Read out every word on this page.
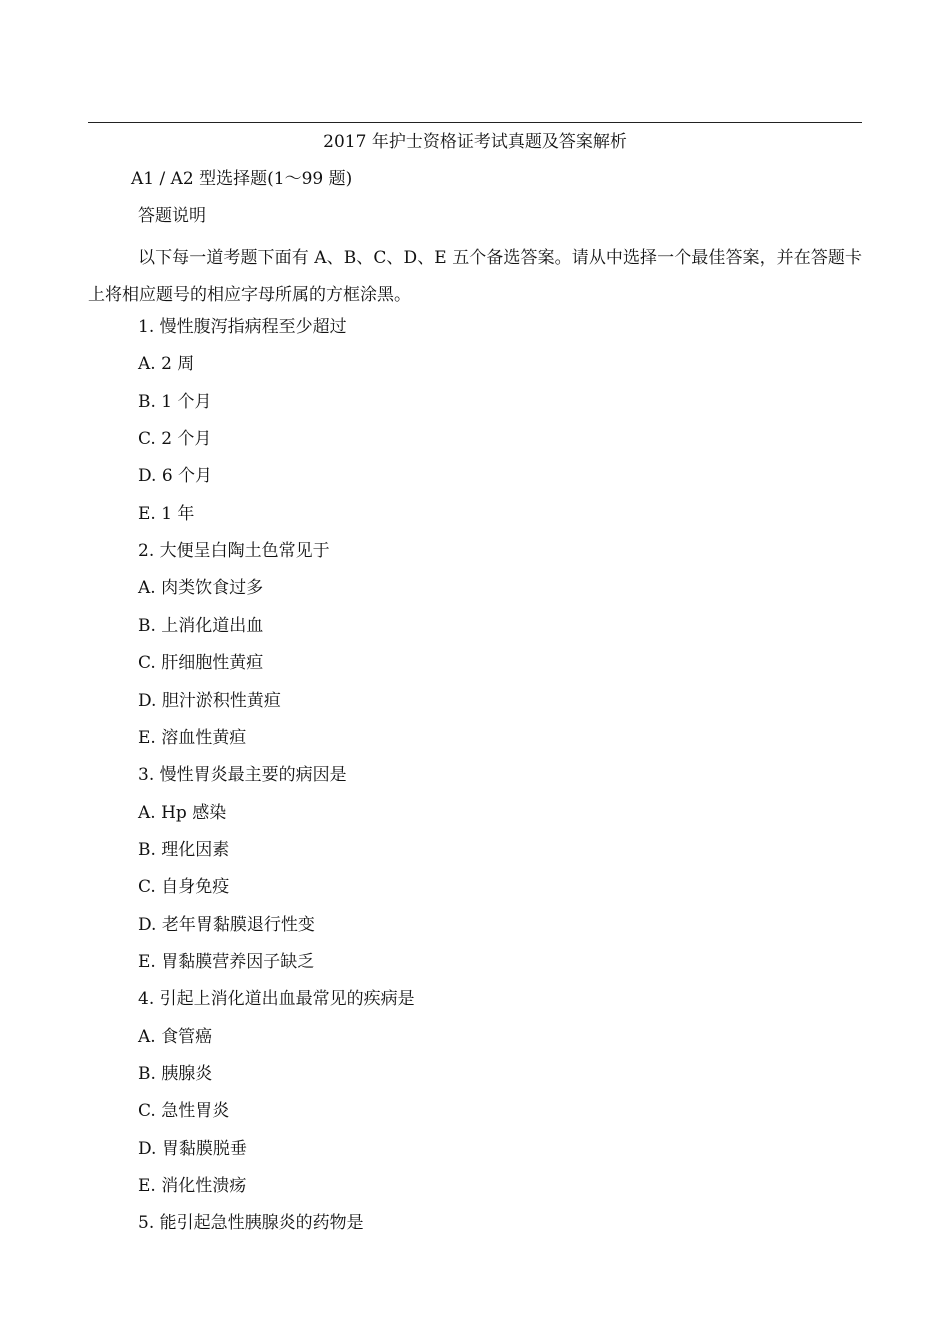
2017 年护士资格证考试真题及答案解析
A1 / A2 型选择题(1～99 题)
答题说明
以下每一道考题下面有 A、B、C、D、E 五个备选答案。请从中选择一个最佳答案，并在答题卡上将相应题号的相应字母所属的方框涂黑。
1. 慢性腹泻指病程至少超过
A. 2 周
B. 1 个月
C. 2 个月
D. 6 个月
E. 1 年
2. 大便呈白陶土色常见于
A. 肉类饮食过多
B. 上消化道出血
C. 肝细胞性黄疸
D. 胆汁淤积性黄疸
E. 溶血性黄疸
3. 慢性胃炎最主要的病因是
A. Hp 感染
B. 理化因素
C. 自身免疫
D. 老年胃黏膜退行性变
E. 胃黏膜营养因子缺乏
4. 引起上消化道出血最常见的疾病是
A. 食管癌
B. 胰腺炎
C. 急性胃炎
D. 胃黏膜脱垂
E. 消化性溃疡
5. 能引起急性胰腺炎的药物是
